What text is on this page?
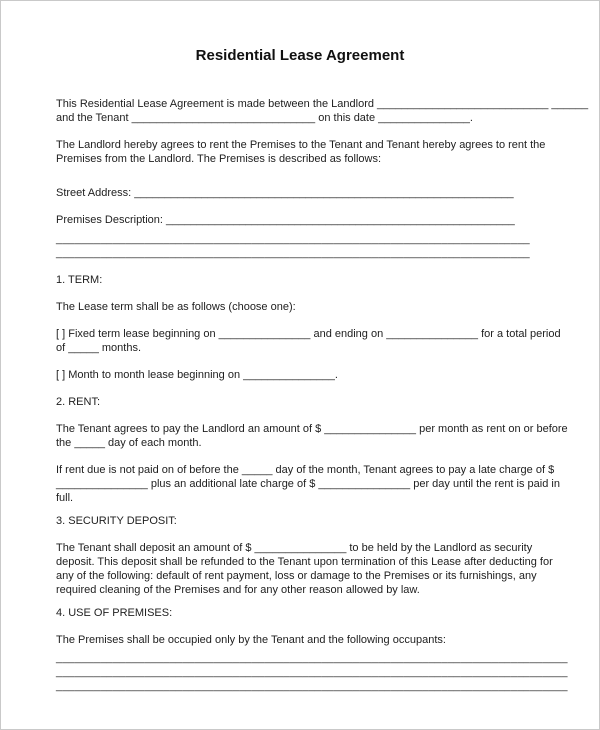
Residential Lease Agreement

This Residential Lease Agreement is made between the Landlord ____________________________ ______

and the Tenant ______________________________ on this date _______________.

The Landlord hereby agrees to rent the Premises to the Tenant and Tenant hereby agrees to rent the

Premises from the Landlord. The Premises is described as follows:

Street Address: ______________________________________________________________

Premises Description: _________________________________________________________

___________________________________________________________________________

___________________________________________________________________________

1. TERM:

The Lease term shall be as follows (choose one):

[ ] Fixed term lease beginning on _______________ and ending on _______________ for a total period

of _____ months.

[ ] Month to month lease beginning on _______________.

2. RENT:

The Tenant agrees to pay the Landlord an amount of $ _______________ per month as rent on or before

the _____ day of each month.

If rent due is not paid on of before the _____ day of the month, Tenant agrees to pay a late charge of $

_______________ plus an additional late charge of $ _______________ per day until the rent is paid in

full.

3. SECURITY DEPOSIT:

The Tenant shall deposit an amount of $ _______________ to be held by the Landlord as security

deposit. This deposit shall be refunded to the Tenant upon termination of this Lease after deducting for

any of the following: default of rent payment, loss or damage to the Premises or its furnishings, any

required cleaning of the Premises and for any other reason allowed by law.

4. USE OF PREMISES:

The Premises shall be occupied only by the Tenant and the following occupants:

_________________________________________________________________________________

_________________________________________________________________________________

_________________________________________________________________________________
